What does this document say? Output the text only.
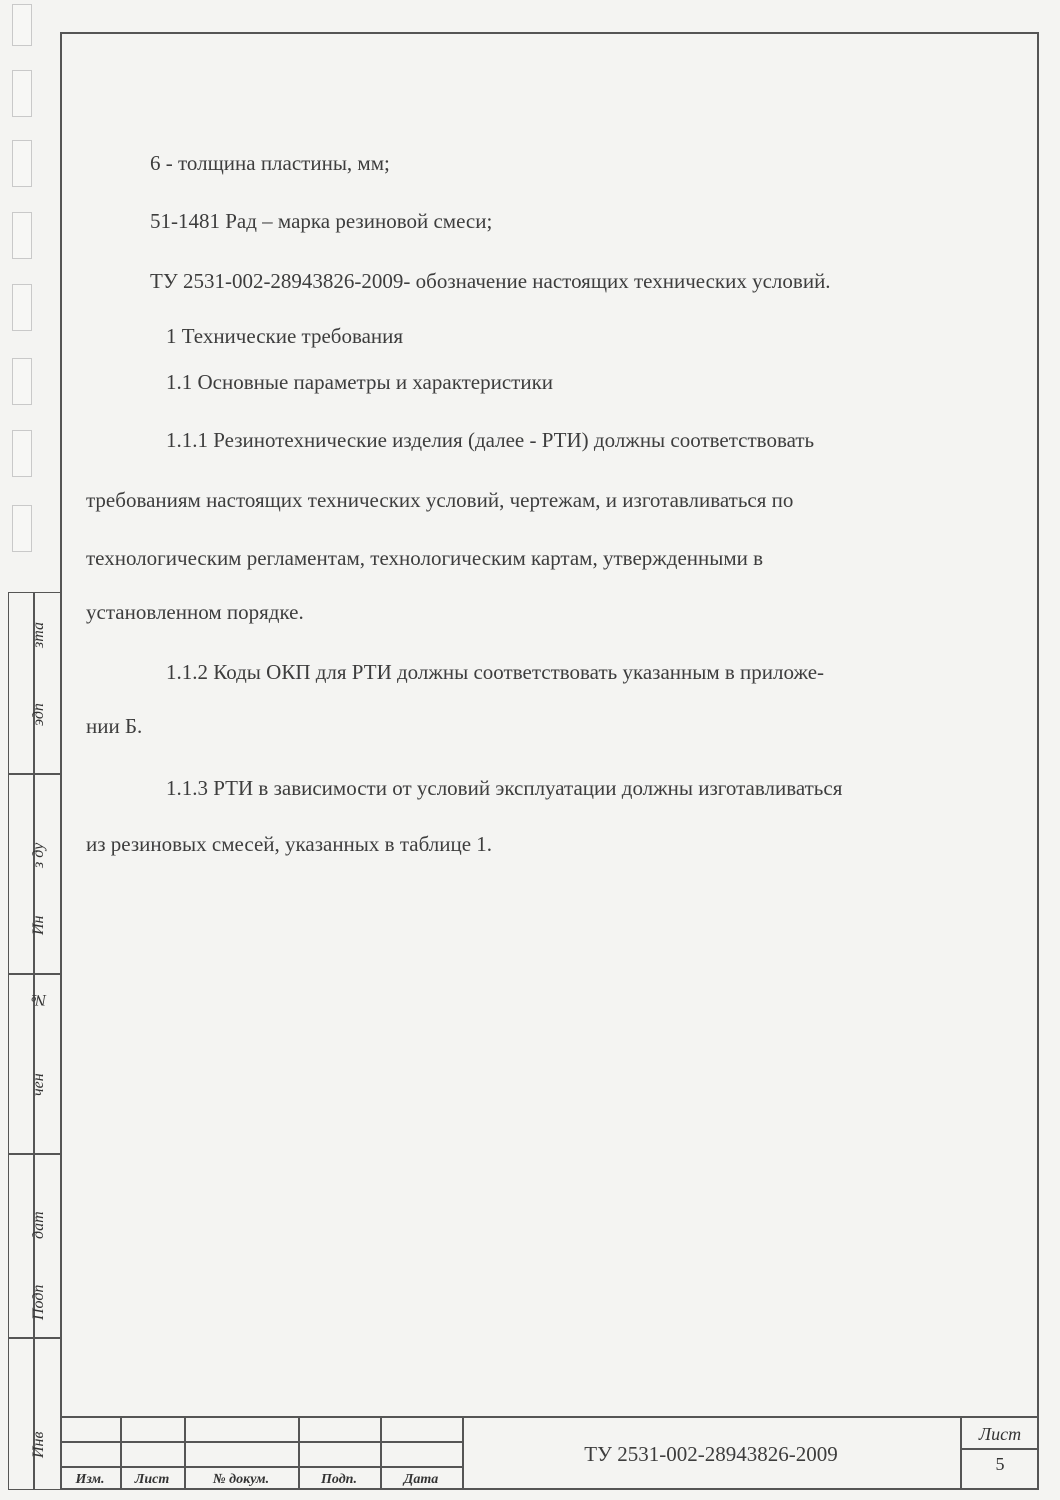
6 - толщина пластины, мм;
51-1481 Рад – марка резиновой смеси;
ТУ 2531-002-28943826-2009- обозначение настоящих технических условий.
1 Технические требования
1.1 Основные параметры и характеристики
1.1.1 Резинотехнические изделия (далее - РТИ) должны соответствовать
требованиям настоящих технических условий, чертежам, и изготавливаться по
технологическим регламентам, технологическим картам, утвержденными в
установленном порядке.
1.1.2 Коды ОКП для РТИ должны соответствовать указанным в приложе-
нии Б.
1.1.3 РТИ в зависимости от условий эксплуатации должны изготавливаться
из резиновых смесей, указанных в таблице 1.
зта
эдп
з ду
Ин
№
чен
дат
Подп
Инв
Изм.	Лист	№ докум.	Подп.	Дата
ТУ 2531-002-28943826-2009
Лист
5
